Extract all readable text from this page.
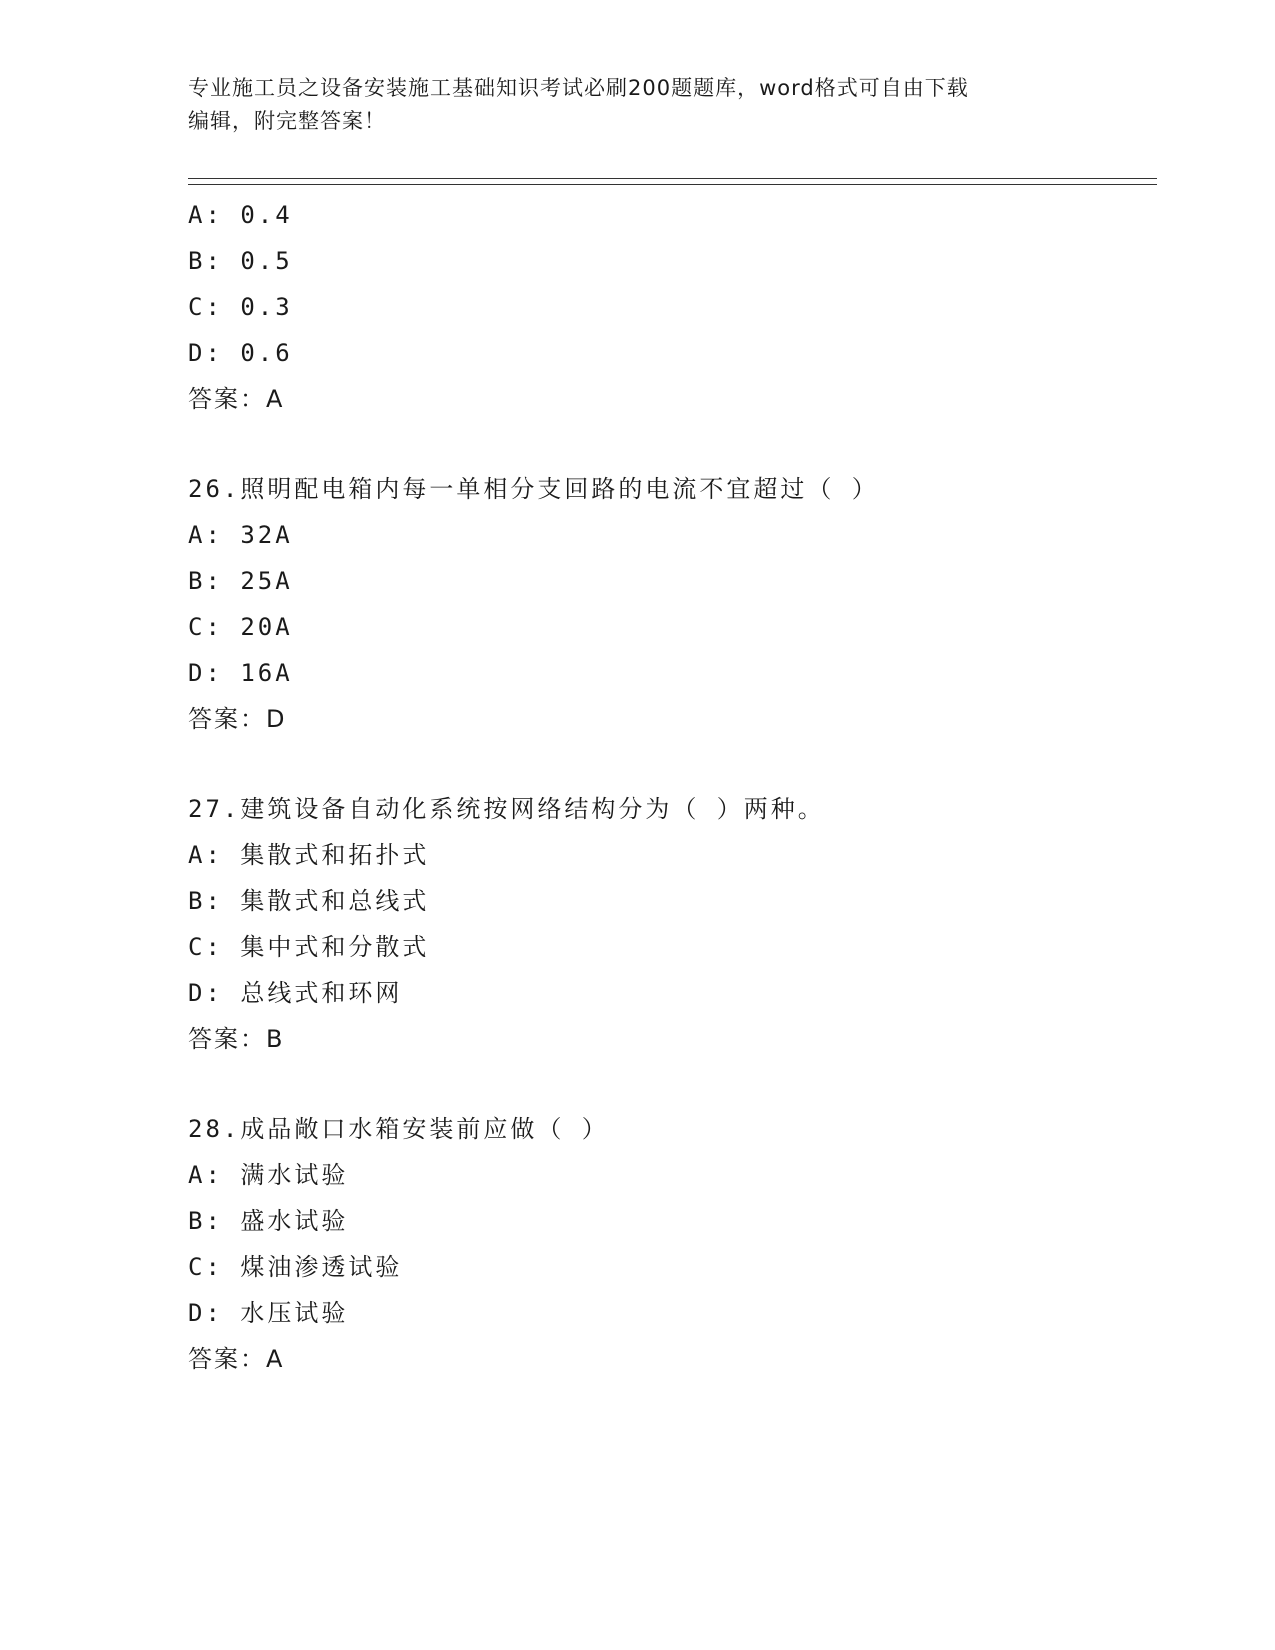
专业施工员之设备安装施工基础知识考试必刷200题题库，word格式可自由下载
编辑，附完整答案！
A: 0.4
B: 0.5
C: 0.3
D: 0.6
答案：A
26.照明配电箱内每一单相分支回路的电流不宜超过（ ）
A: 32A
B: 25A
C: 20A
D: 16A
答案：D
27.建筑设备自动化系统按网络结构分为（ ）两种。
A: 集散式和拓扑式
B: 集散式和总线式
C: 集中式和分散式
D: 总线式和环网
答案：B
28.成品敞口水箱安装前应做（ ）
A: 满水试验
B: 盛水试验
C: 煤油渗透试验
D: 水压试验
答案：A
